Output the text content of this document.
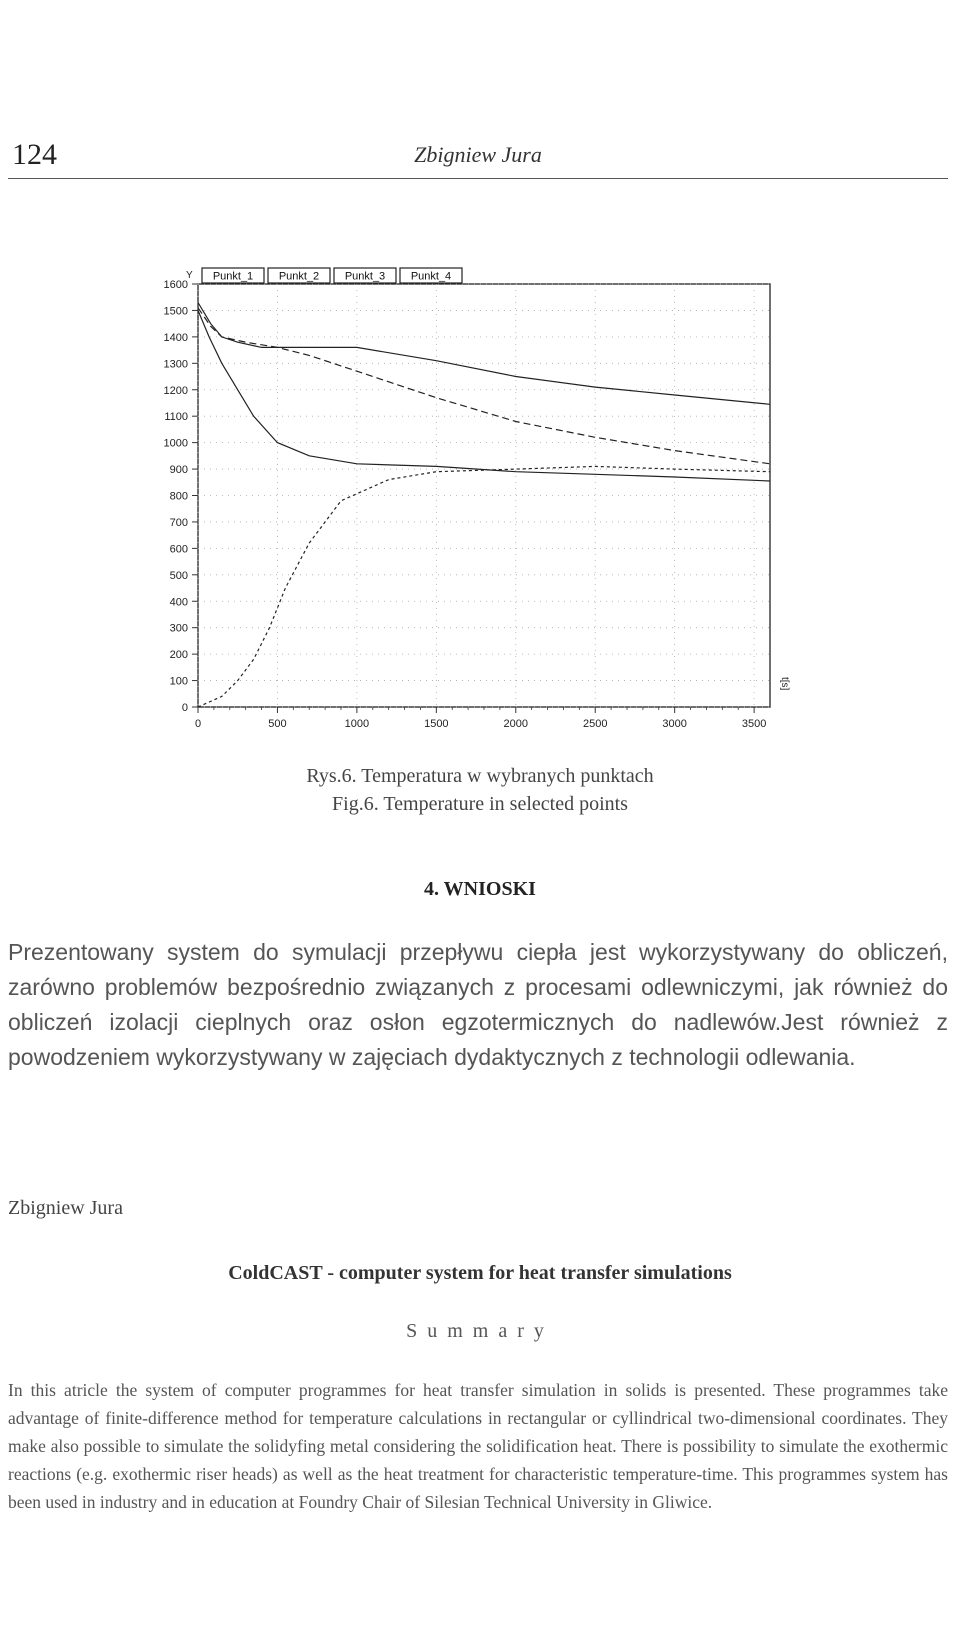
124	Zbigniew Jura
0
100
200
300
400
500
600
700
800
900
1000
1100
1200
1300
1400
1500
1600
0	500	1000	1500	2000	2500	3000	3500
Y
t[s]
Punkt_1 Punkt_2 Punkt_3 Punkt_4
Rys.6. Temperatura w wybranych punktach
Fig.6. Temperature in selected points
4. WNIOSKI

Prezentowany system do symulacji przepływu ciepła jest wykorzystywany do obliczeń, zarówno problemów bezpośrednio związanych z procesami odlewniczymi, jak również do obliczeń izolacji cieplnych oraz osłon egzotermicznych do nadlewów.Jest również z powodzeniem wykorzystywany w zajęciach dydaktycznych z technologii odlewania.

Zbigniew Jura
ColdCAST - computer system for heat transfer simulations
Summary

In this atricle the system of computer programmes for heat transfer simulation in solids is presented. These programmes take advantage of finite-difference method for temperature calculations in rectangular or cyllindrical two-dimensional coordinates. They make also possible to simulate the solidyfing metal considering the solidification heat. There is possibility to simulate the exothermic reactions (e.g. exothermic riser heads) as well as the heat treatment for characteristic temperature-time. This programmes system has been used in industry and in education at Foundry Chair of Silesian Technical University in Gliwice.
